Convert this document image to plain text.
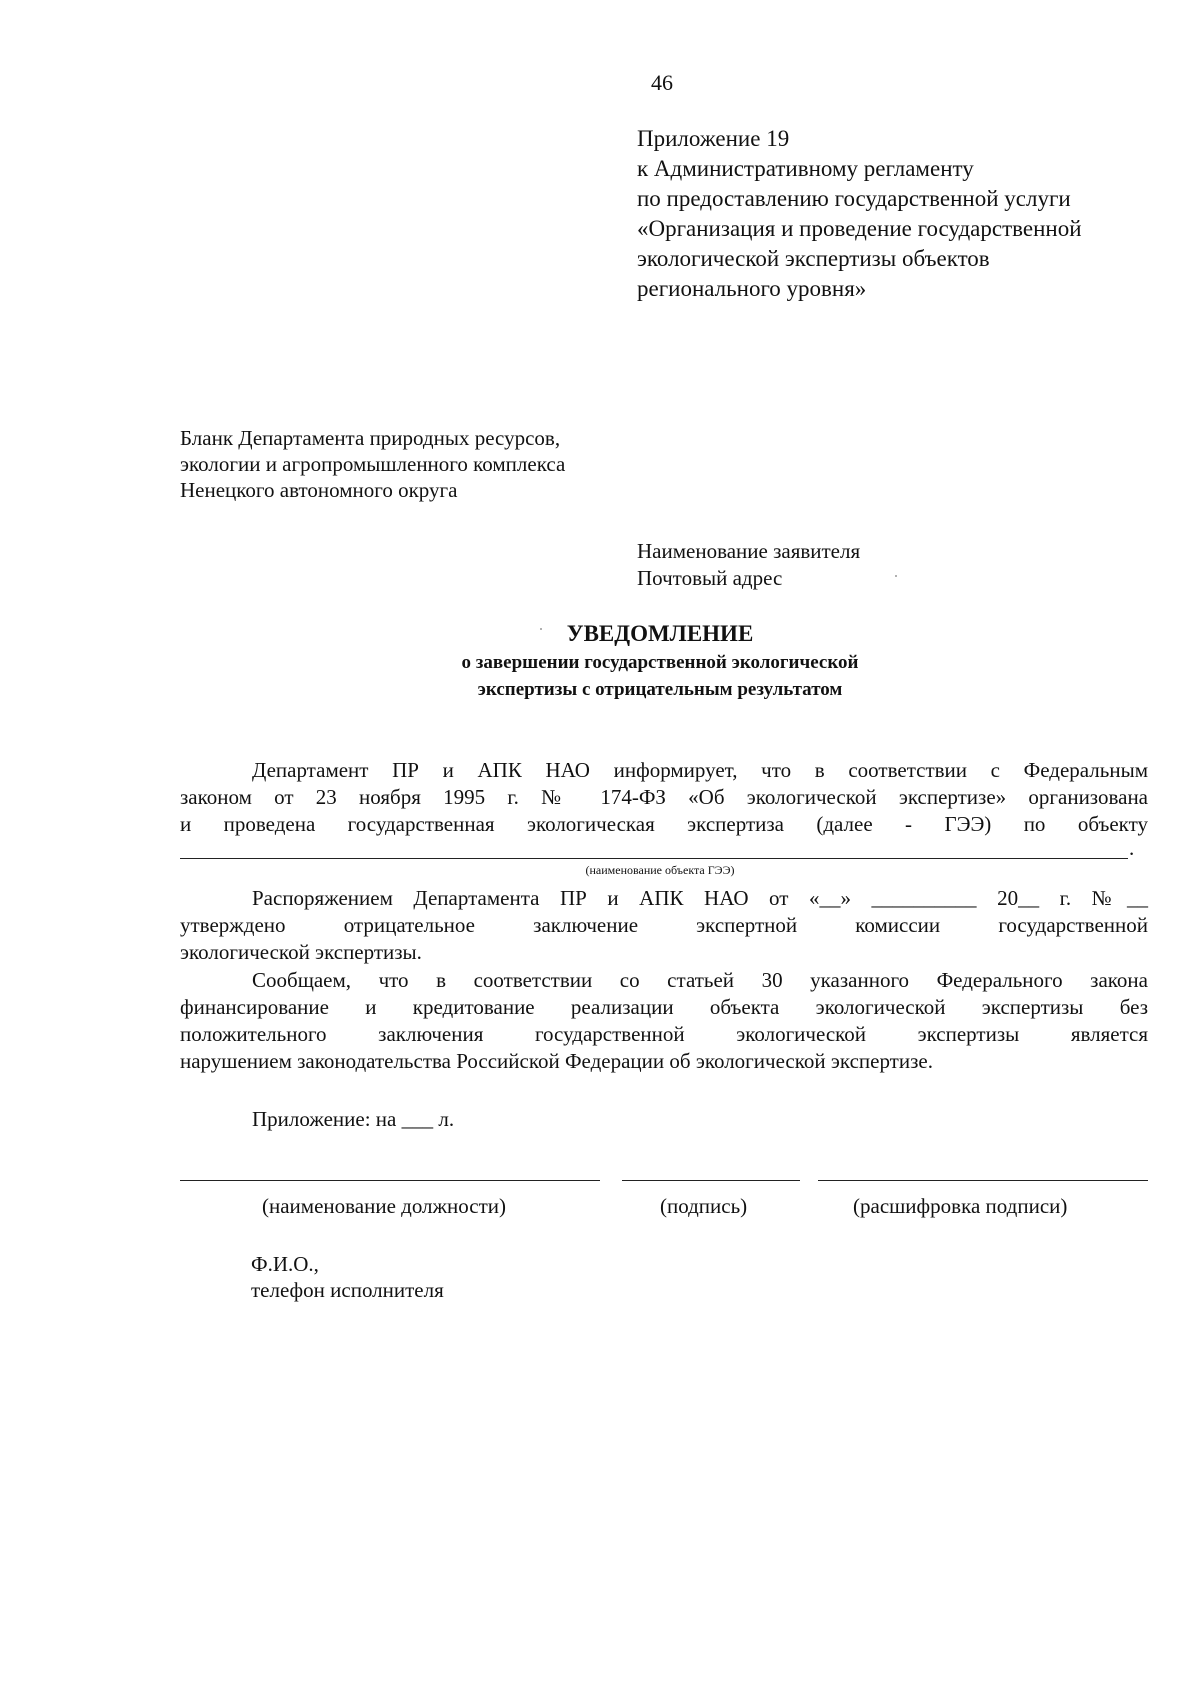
46
Приложение 19
к Административному регламенту
по предоставлению государственной услуги
«Организация и проведение государственной
экологической экспертизы объектов
регионального уровня»
Бланк Департамента природных ресурсов,
экологии и агропромышленного комплекса
Ненецкого автономного округа
Наименование заявителя
Почтовый адрес
УВЕДОМЛЕНИЕ
о завершении государственной экологической
экспертизы с отрицательным результатом
Департамент ПР и АПК НАО информирует, что в соответствии с Федеральным
законом от 23 ноября 1995 г. № 174-ФЗ «Об экологической экспертизе» организована
и проведена государственная экологическая экспертиза (далее - ГЭЭ) по объекту
.
(наименование объекта ГЭЭ)
Распоряжением Департамента ПР и АПК НАО от «__» __________ 20__ г. №__
утверждено отрицательное заключение экспертной комиссии государственной
экологической экспертизы.
Сообщаем, что в соответствии со статьей 30 указанного Федерального закона
финансирование и кредитование реализации объекта экологической экспертизы без
положительного заключения государственной экологической экспертизы является
нарушением законодательства Российской Федерации об экологической экспертизе.
Приложение: на ___ л.
(наименование должности)	(подпись)	(расшифровка подписи)
Ф.И.О.,
телефон исполнителя
